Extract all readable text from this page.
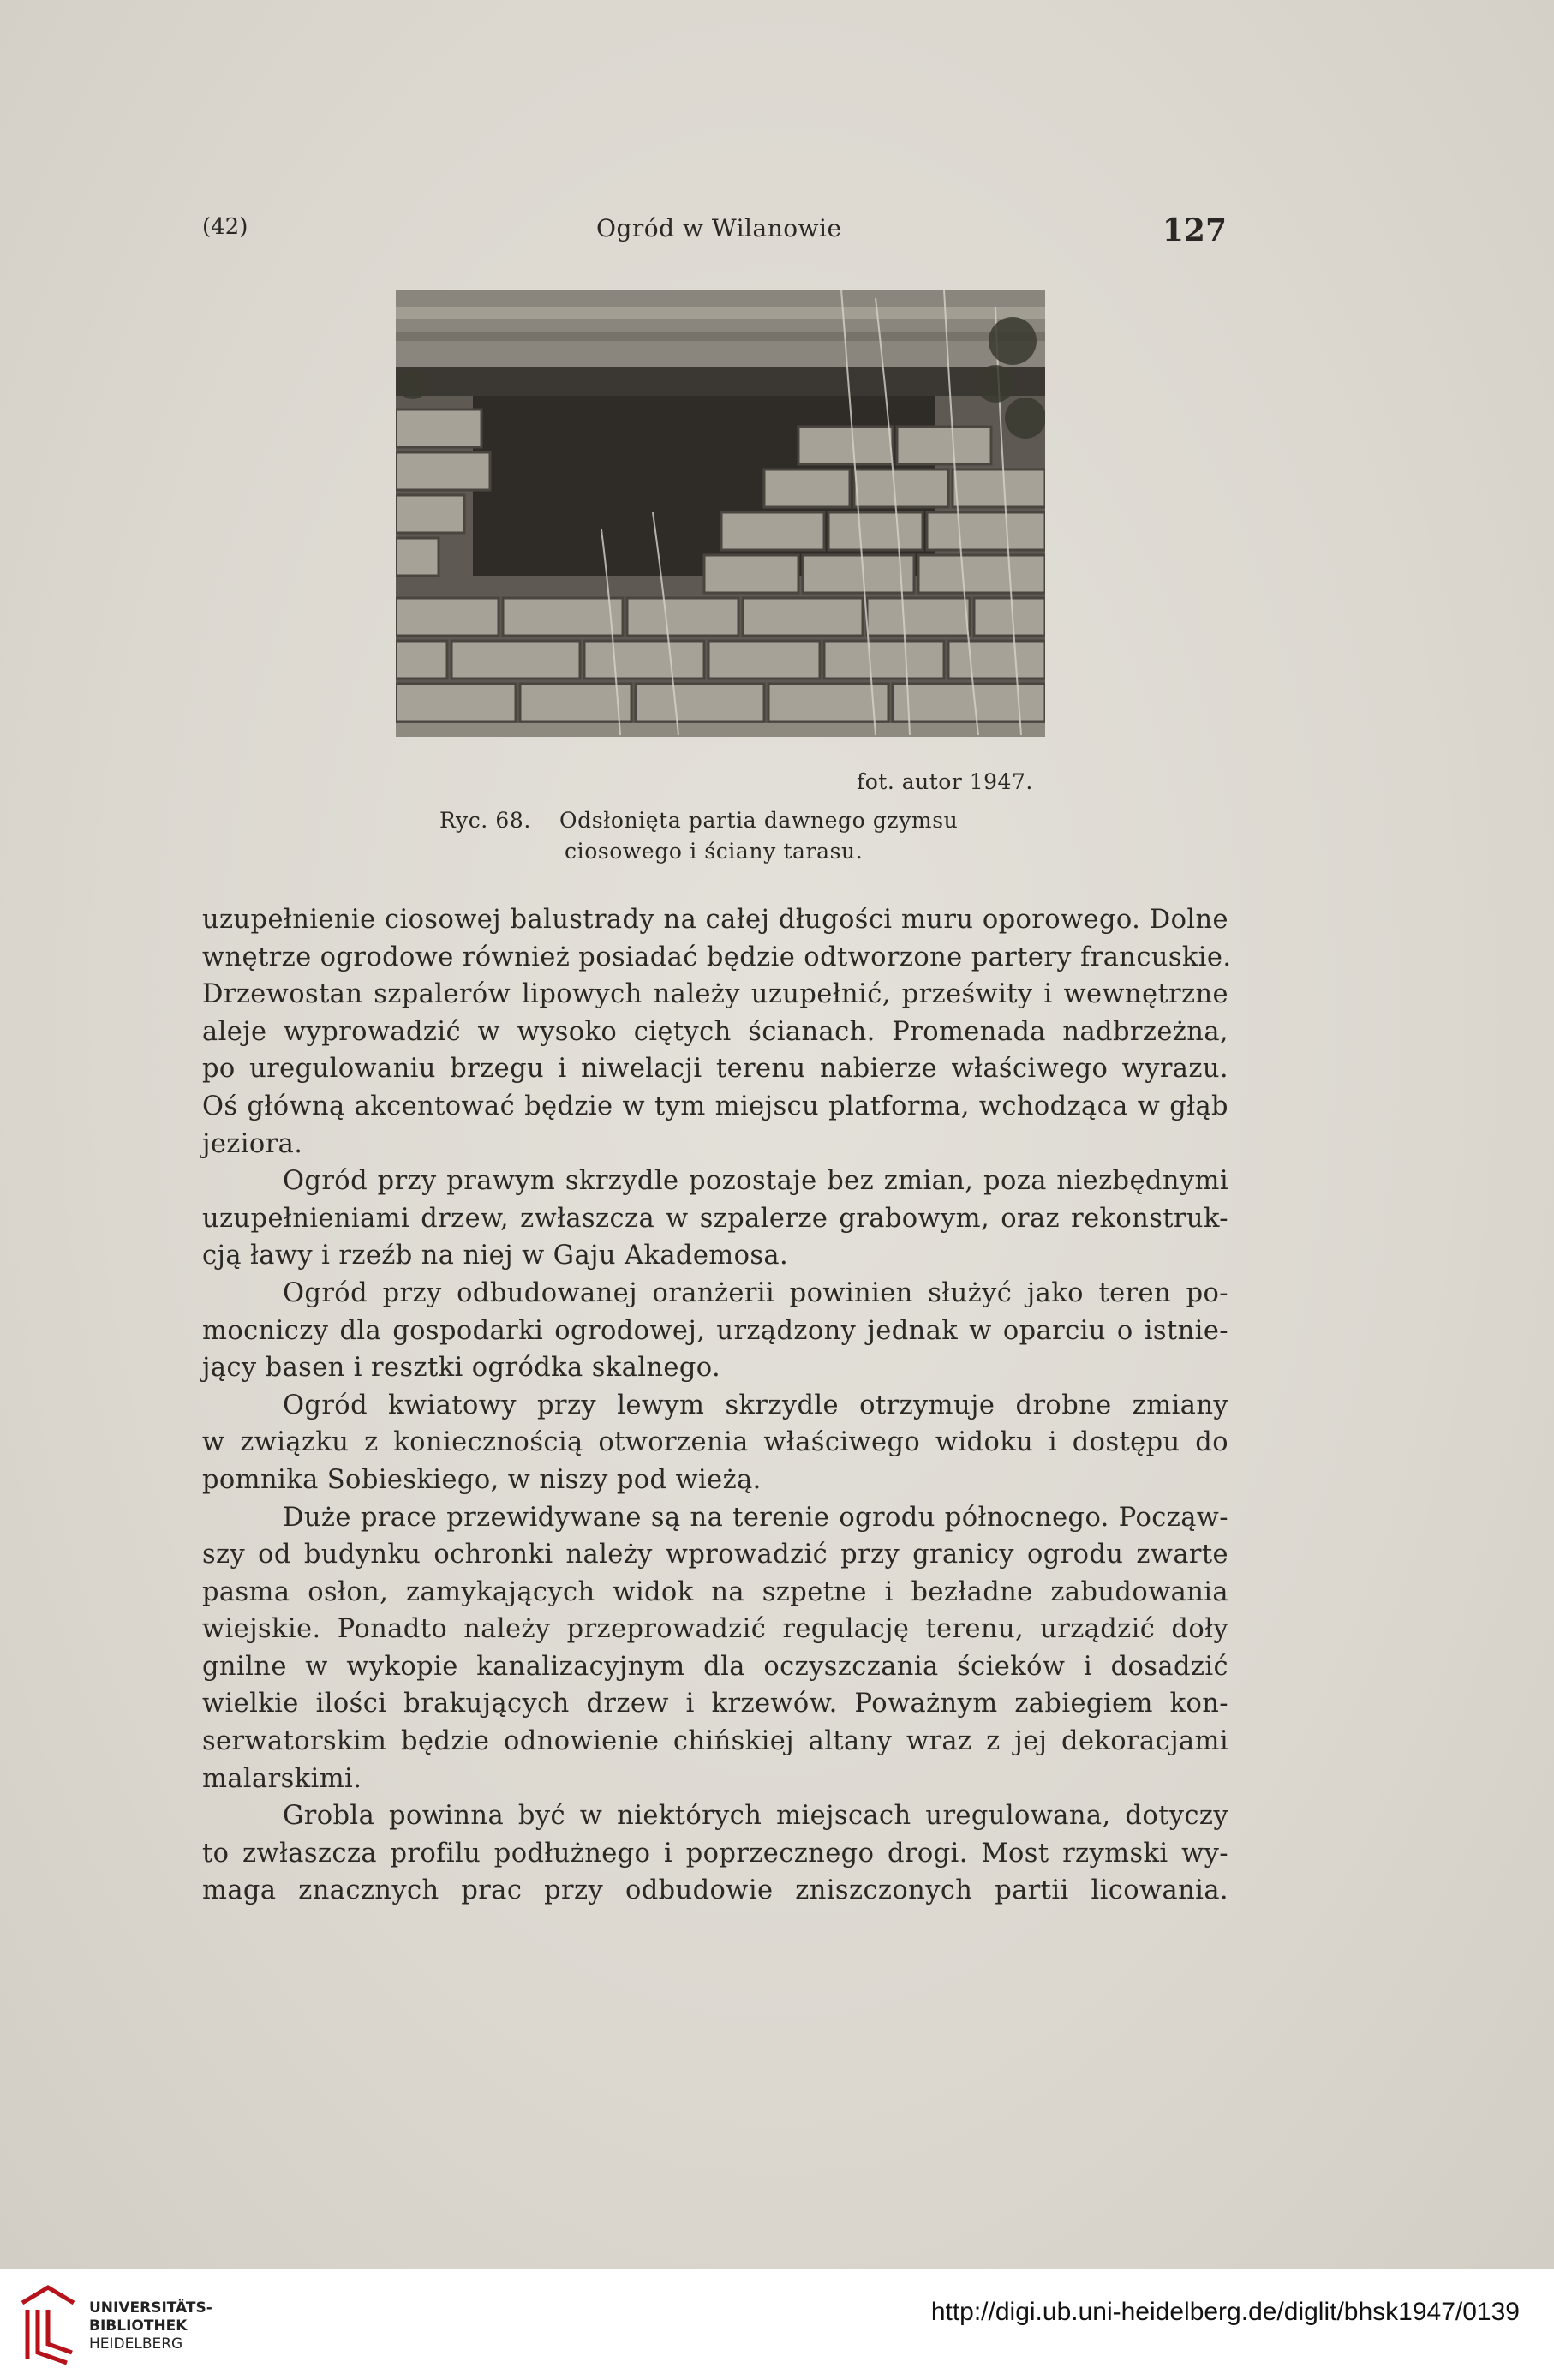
(42)	Ogród w Wilanowie	127
fot. autor 1947.
Ryc. 68. Odsłonięta partia dawnego gzymsu
ciosowego i ściany tarasu.
uzupełnienie ciosowej balustrady na całej długości muru oporowego. Dolne
wnętrze ogrodowe również posiadać będzie odtworzone partery francuskie.
Drzewostan szpalerów lipowych należy uzupełnić, prześwity i wewnętrzne
aleje wyprowadzić w wysoko ciętych ścianach. Promenada nadbrzeżna,
po uregulowaniu brzegu i niwelacji terenu nabierze właściwego wyrazu.
Oś główną akcentować będzie w tym miejscu platforma, wchodząca w głąb
jeziora.
Ogród przy prawym skrzydle pozostaje bez zmian, poza niezbędnymi
uzupełnieniami drzew, zwłaszcza w szpalerze grabowym, oraz rekonstruk-
cją ławy i rzeźb na niej w Gaju Akademosa.
Ogród przy odbudowanej oranżerii powinien służyć jako teren po-
mocniczy dla gospodarki ogrodowej, urządzony jednak w oparciu o istnie-
jący basen i resztki ogródka skalnego.
Ogród kwiatowy przy lewym skrzydle otrzymuje drobne zmiany
w związku z koniecznością otworzenia właściwego widoku i dostępu do
pomnika Sobieskiego, w niszy pod wieżą.
Duże prace przewidywane są na terenie ogrodu północnego. Począw-
szy od budynku ochronki należy wprowadzić przy granicy ogrodu zwarte
pasma osłon, zamykających widok na szpetne i bezładne zabudowania
wiejskie. Ponadto należy przeprowadzić regulację terenu, urządzić doły
gnilne w wykopie kanalizacyjnym dla oczyszczania ścieków i dosadzić
wielkie ilości brakujących drzew i krzewów. Poważnym zabiegiem kon-
serwatorskim będzie odnowienie chińskiej altany wraz z jej dekoracjami
malarskimi.
Grobla powinna być w niektórych miejscach uregulowana, dotyczy
to zwłaszcza profilu podłużnego i poprzecznego drogi. Most rzymski wy-
maga znacznych prac przy odbudowie zniszczonych partii licowania.
UNIVERSITÄTS-
BIBLIOTHEK
HEIDELBERG
http://digi.ub.uni-heidelberg.de/diglit/bhsk1947/0139
